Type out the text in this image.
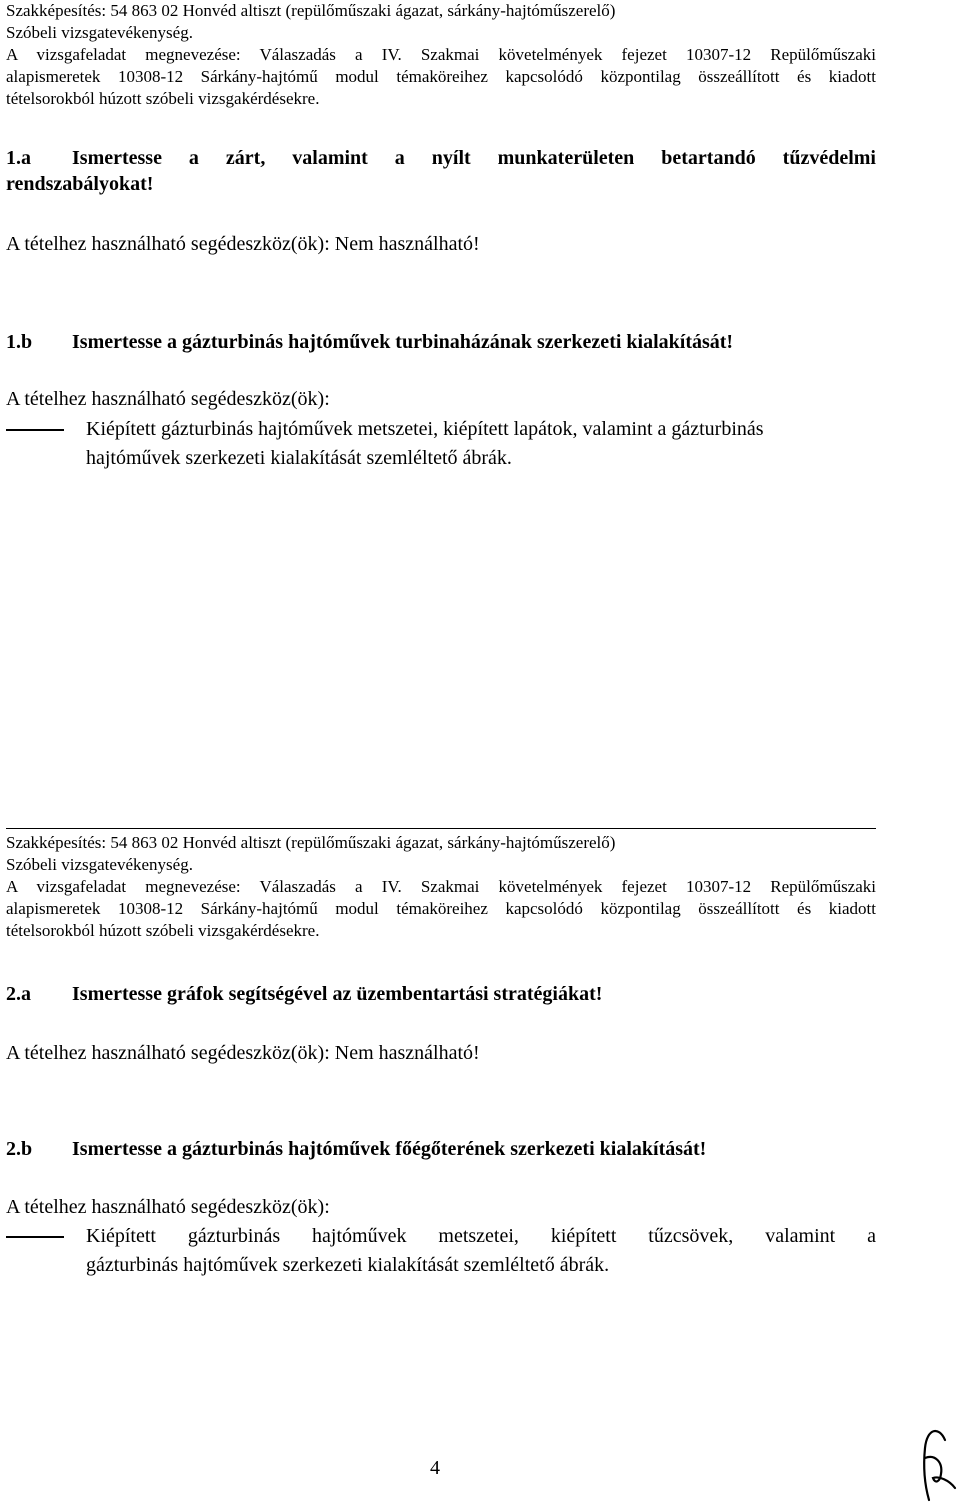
Szakképesítés: 54 863 02 Honvéd altiszt (repülőműszaki ágazat, sárkány-hajtóműszerelő)
Szóbeli vizsgatevékenység.
A vizsgafeladat megnevezése: Válaszadás a IV. Szakmai követelmények fejezet 10307-12 Repülőműszaki
alapismeretek 10308-12 Sárkány-hajtómű modul témaköreihez kapcsolódó központilag összeállított és kiadott
tételsorokból húzott szóbeli vizsgakérdésekre.
1.a Ismertesse a zárt, valamint a nyílt munkaterületen betartandó tűzvédelmi
rendszabályokat!
A tételhez használható segédeszköz(ök): Nem használható!
1.b Ismertesse a gázturbinás hajtóművek turbinaházának szerkezeti kialakítását!
A tételhez használható segédeszköz(ök):
Kiépített gázturbinás hajtóművek metszetei, kiépített lapátok, valamint a gázturbinás
hajtóművek szerkezeti kialakítását szemléltető ábrák.
Szakképesítés: 54 863 02 Honvéd altiszt (repülőműszaki ágazat, sárkány-hajtóműszerelő)
Szóbeli vizsgatevékenység.
A vizsgafeladat megnevezése: Válaszadás a IV. Szakmai követelmények fejezet 10307-12 Repülőműszaki
alapismeretek 10308-12 Sárkány-hajtómű modul témaköreihez kapcsolódó központilag összeállított és kiadott
tételsorokból húzott szóbeli vizsgakérdésekre.
2.a Ismertesse gráfok segítségével az üzembentartási stratégiákat!
A tételhez használható segédeszköz(ök): Nem használható!
2.b Ismertesse a gázturbinás hajtóművek főégőterének szerkezeti kialakítását!
A tételhez használható segédeszköz(ök):
Kiépített gázturbinás hajtóművek metszetei, kiépített tűzcsövek, valamint a
gázturbinás hajtóművek szerkezeti kialakítását szemléltető ábrák.
4
